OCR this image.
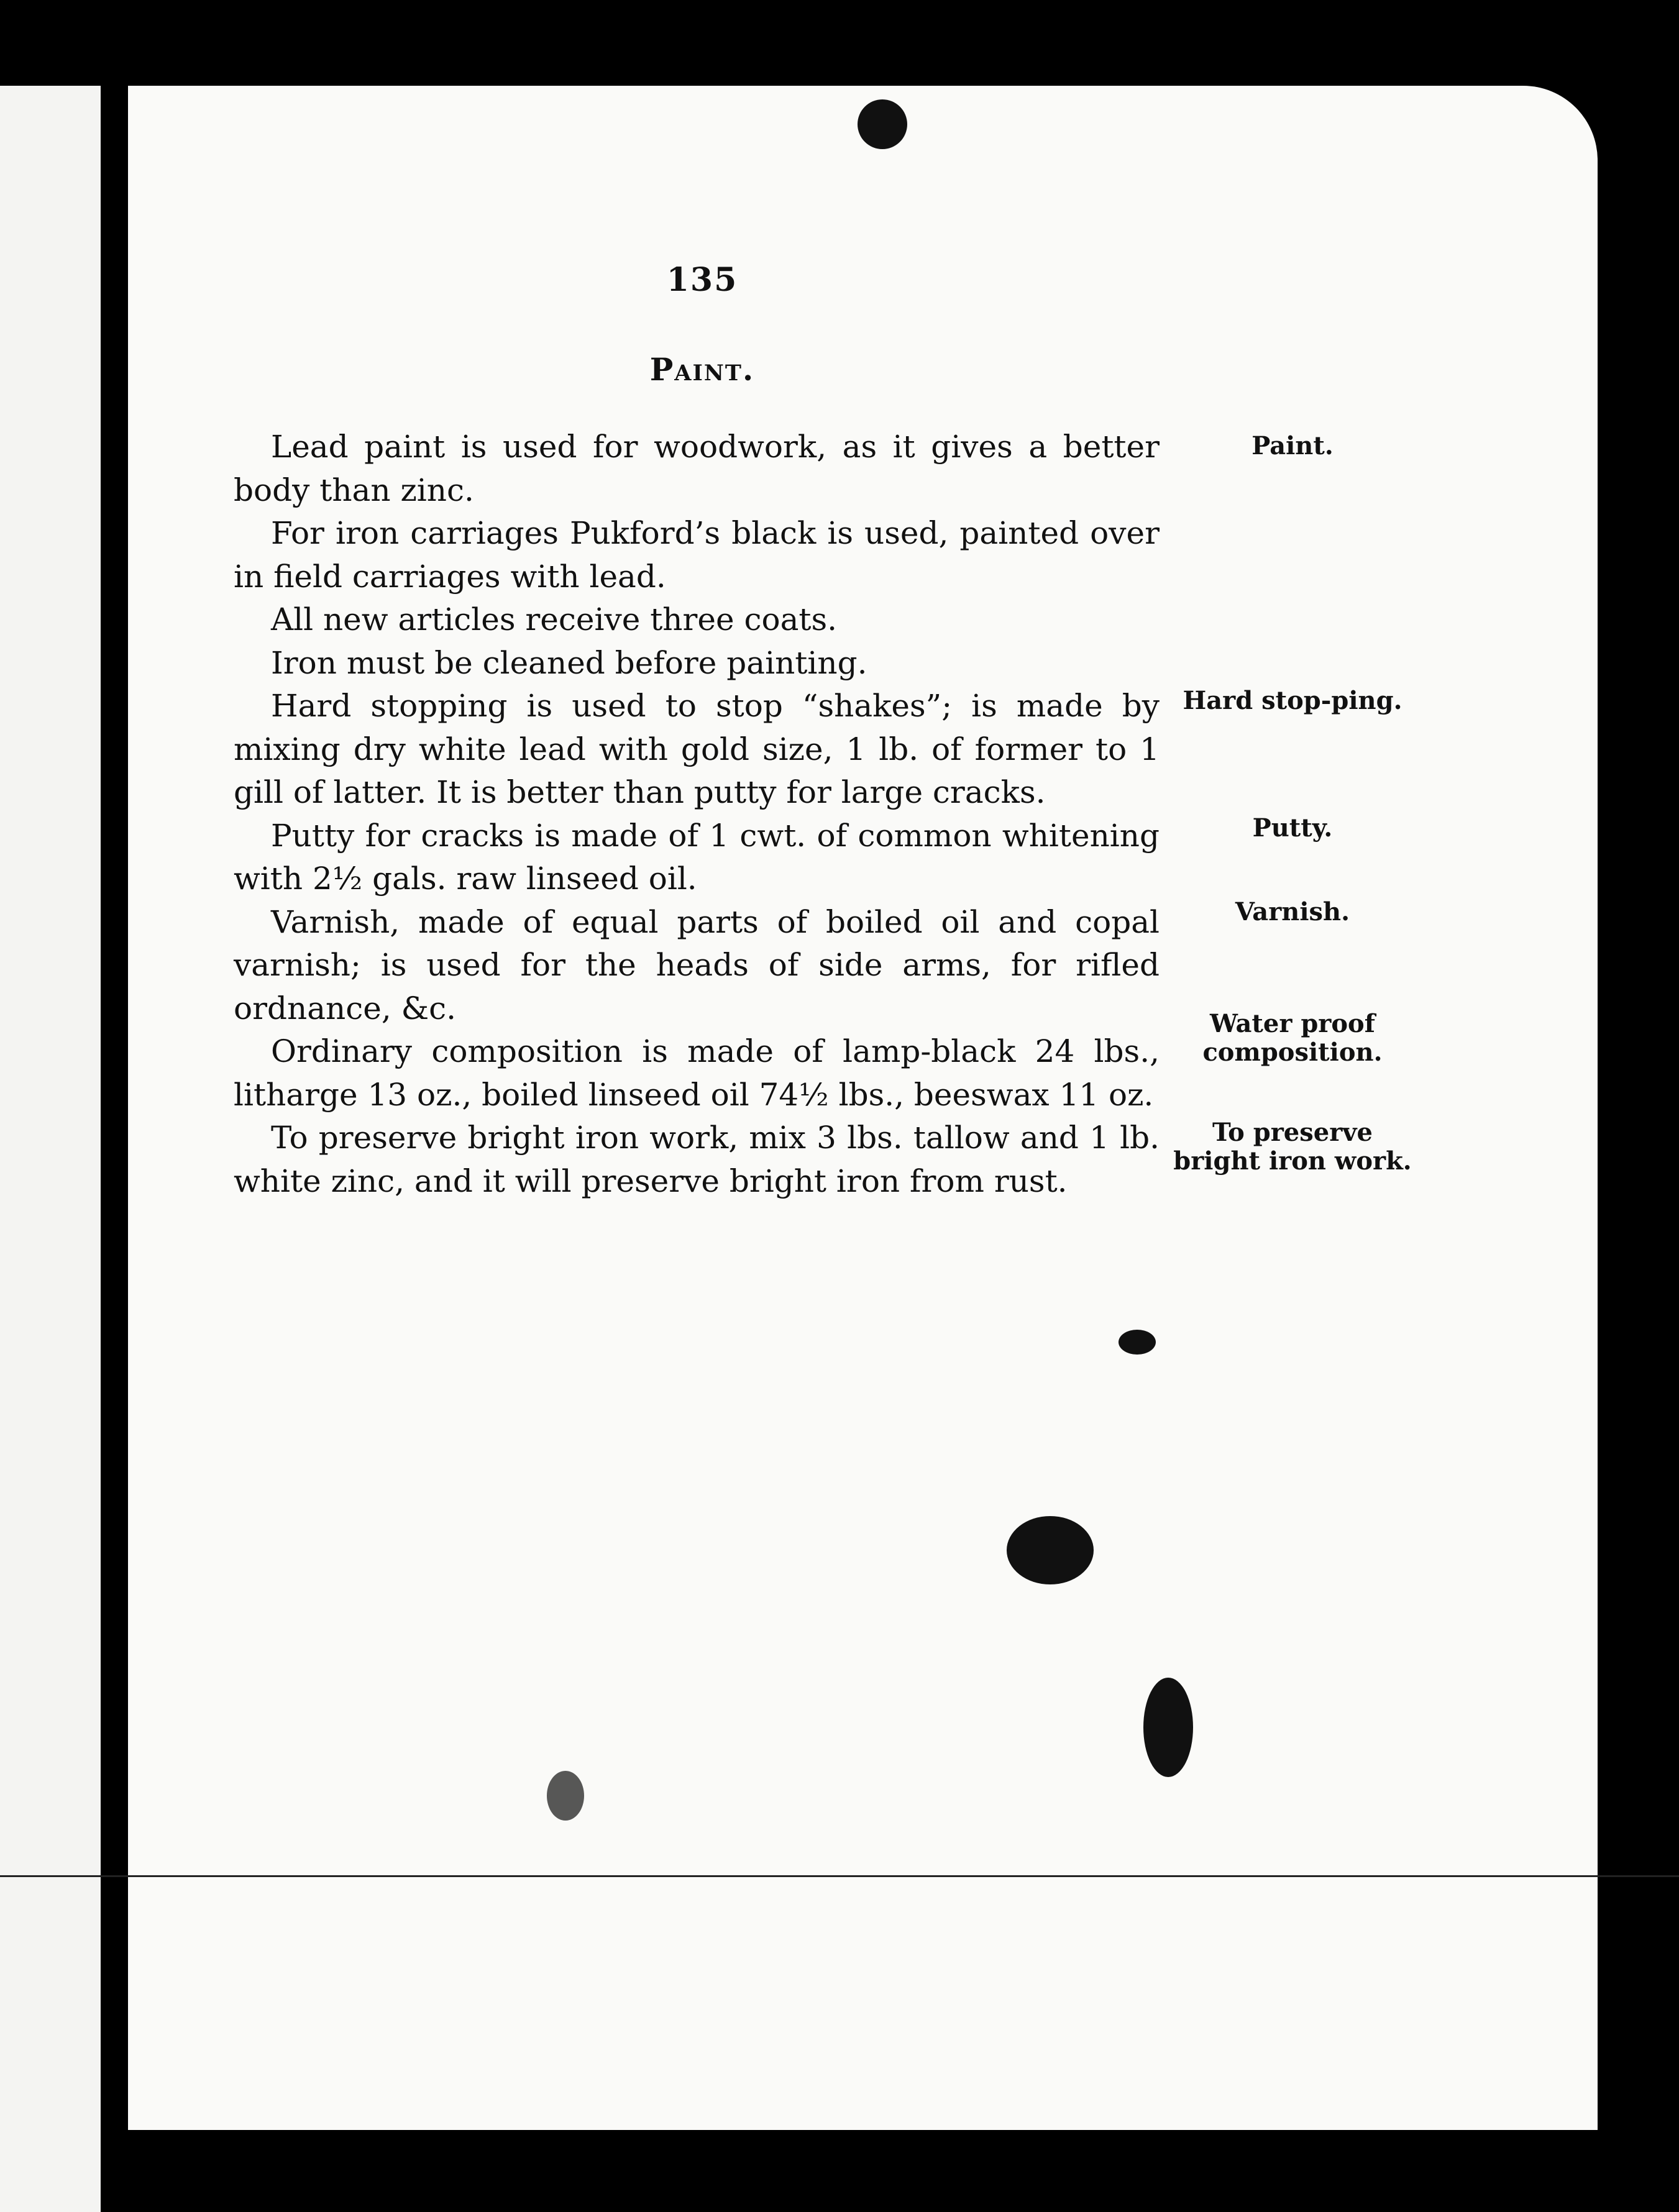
135
Paint.

Lead paint is used for woodwork, as it gives a better body than zinc.

For iron carriages Pukford’s black is used, painted over in field carriages with lead.

All new articles receive three coats.

Iron must be cleaned before painting.

Hard stopping is used to stop “shakes”; is made by mixing dry white lead with gold size, 1 lb. of former to 1 gill of latter. It is better than putty for large cracks.

Putty for cracks is made of 1 cwt. of common whitening with 2½ gals. raw linseed oil.

Varnish, made of equal parts of boiled oil and copal varnish; is used for the heads of side arms, for rifled ordnance, &c.

Ordinary composition is made of lamp-black 24 lbs., litharge 13 oz., boiled linseed oil 74½ lbs., beeswax 11 oz.

To preserve bright iron work, mix 3 lbs. tallow and 1 lb. white zinc, and it will preserve bright iron from rust.

Paint.
Hard stop-ping.
Putty.
Varnish.
Water proof composition.
To preserve bright iron work.
